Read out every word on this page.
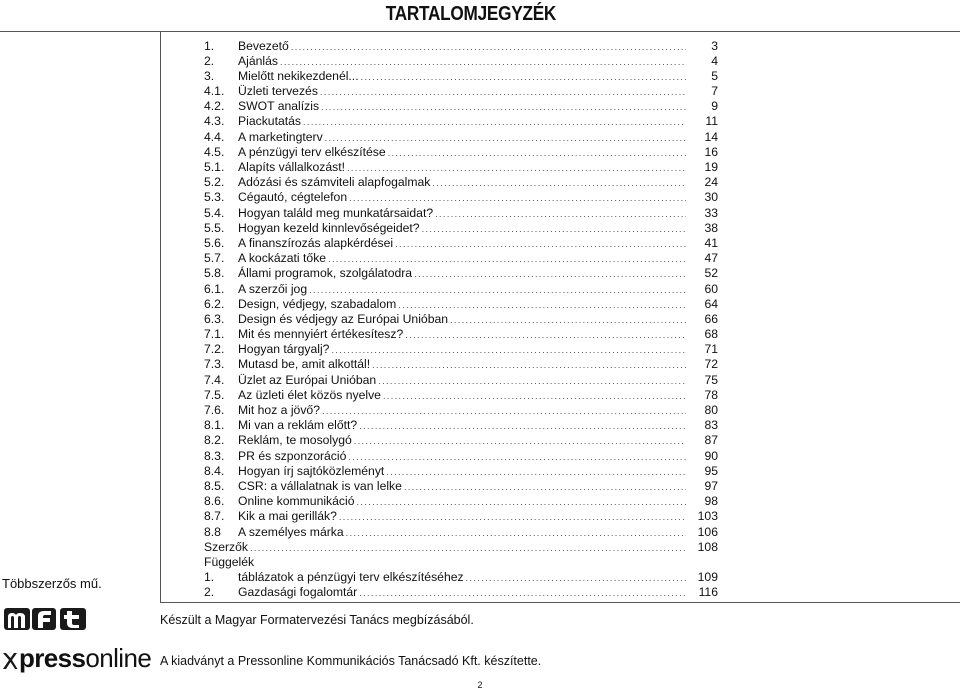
TARTALOMJEGYZÉK
Többszerzős mű.
1.	Bevezető .....	3
2.	Ajánlás .....	4
3.	Mielőtt nekikezdenél... .....	5
4.1.	Üzleti tervezés .....	7
4.2.	SWOT analízis .....	9
4.3.	Piackutatás .....	11
4.4.	A marketingterv .....	14
4.5.	A pénzügyi terv elkészítése .....	16
5.1.	Alapíts vállalkozást! .....	19
5.2.	Adózási és számviteli alapfogalmak .....	24
5.3.	Cégautó, cégtelefon .....	30
5.4.	Hogyan találd meg munkatársaidat? .....	33
5.5.	Hogyan kezeld kinnlevőségeidet? .....	38
5.6.	A finanszírozás alapkérdései .....	41
5.7.	A kockázati tőke .....	47
5.8.	Állami programok, szolgálatodra .....	52
6.1.	A szerzői jog .....	60
6.2.	Design, védjegy, szabadalom .....	64
6.3.	Design és védjegy az Európai Unióban .....	66
7.1.	Mit és mennyiért értékesítesz? .....	68
7.2.	Hogyan tárgyalj? .....	71
7.3.	Mutasd be, amit alkottál! .....	72
7.4.	Üzlet az Európai Unióban .....	75
7.5.	Az üzleti élet közös nyelve .....	78
7.6.	Mit hoz a jövő? .....	80
8.1.	Mi van a reklám előtt? .....	83
8.2.	Reklám, te mosolygó .....	87
8.3.	PR és szponzoráció .....	90
8.4.	Hogyan írj sajtóközleményt .....	95
8.5.	CSR: a vállalatnak is van lelke .....	97
8.6.	Online kommunikáció .....	98
8.7.	Kik a mai gerillák? .....	103
8.8	A személyes márka .....	106
Szerzők .....	108
Függelék
1.	táblázatok a pénzügyi terv elkészítéséhez .....	109
2.	Gazdasági fogalomtár .....	116
Készült a Magyar Formatervezési Tanács megbízásából.
pressonline A kiadványt a Pressonline Kommunikációs Tanácsadó Kft. készítette.
2
